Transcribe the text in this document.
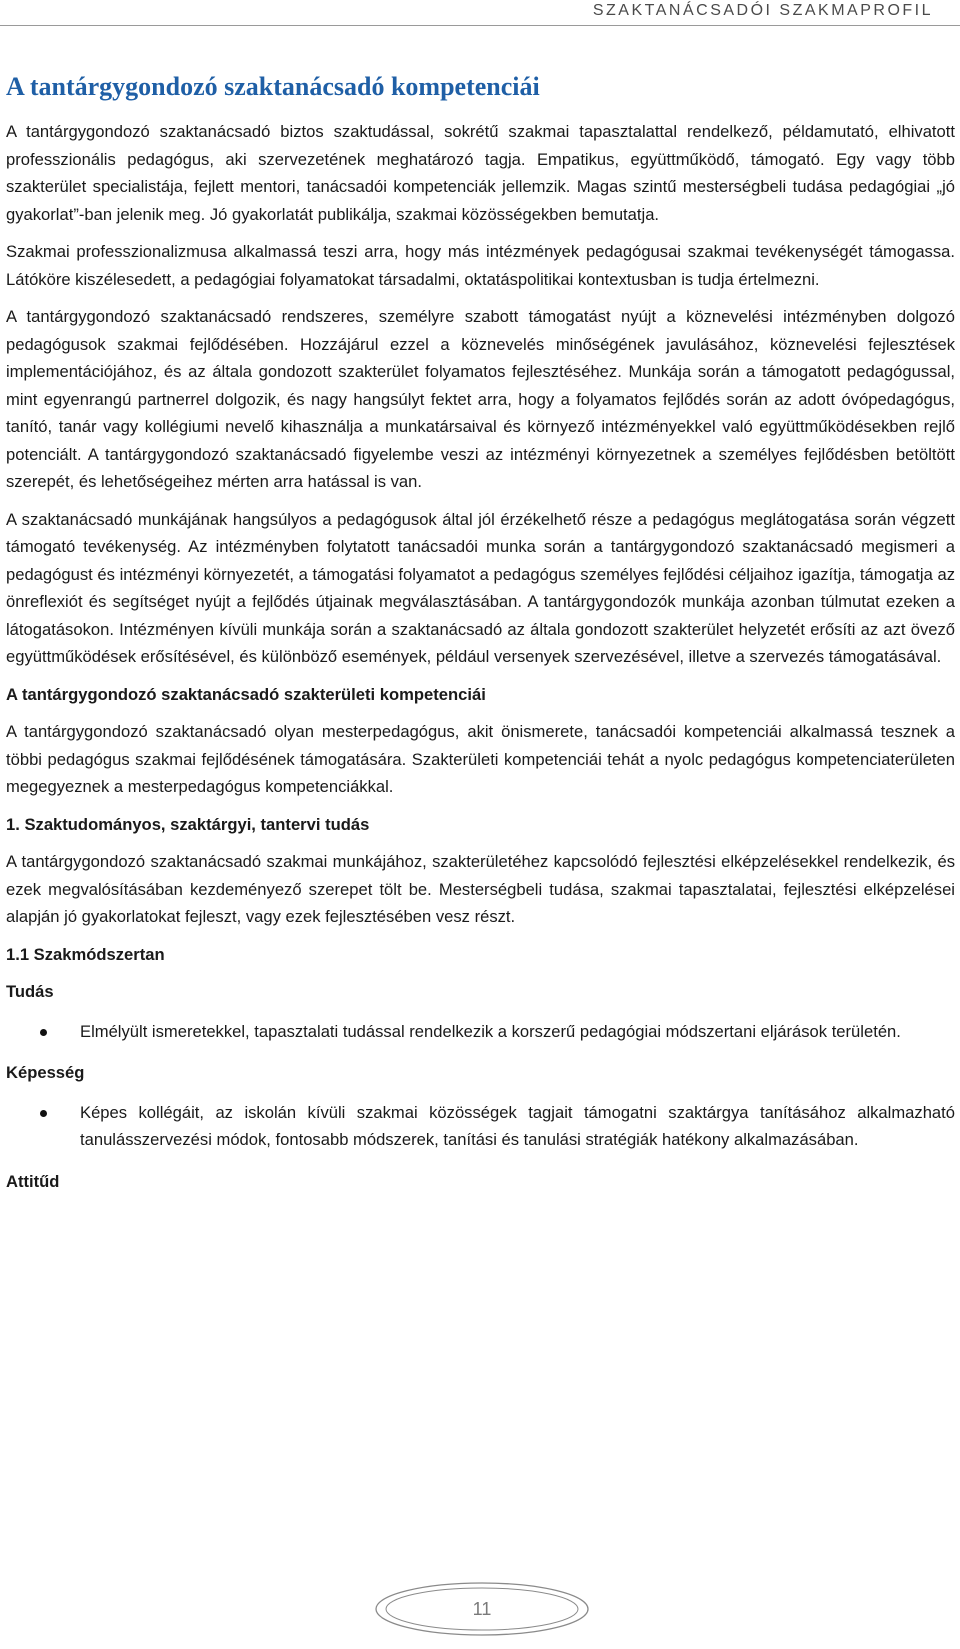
SZAKTANÁCSADÓI SZAKMAPROFIL
A tantárgygondozó szaktanácsadó kompetenciái

A tantárgygondozó szaktanácsadó biztos szaktudással, sokrétű szakmai tapasztalattal rendelkező, példamutató, elhivatott professzionális pedagógus, aki szervezetének meghatározó tagja. Empatikus, együttműködő, támogató. Egy vagy több szakterület specialistája, fejlett mentori, tanácsadói kompetenciák jellemzik. Magas szintű mesterségbeli tudása pedagógiai „jó gyakorlat”-ban jelenik meg. Jó gyakorlatát publikálja, szakmai közösségekben bemutatja.

Szakmai professzionalizmusa alkalmassá teszi arra, hogy más intézmények pedagógusai szakmai tevékenységét támogassa. Látóköre kiszélesedett, a pedagógiai folyamatokat társadalmi, oktatáspolitikai kontextusban is tudja értelmezni.

A tantárgygondozó szaktanácsadó rendszeres, személyre szabott támogatást nyújt a köznevelési intézményben dolgozó pedagógusok szakmai fejlődésében. Hozzájárul ezzel a köznevelés minőségének javulásához, köznevelési fejlesztések implementációjához, és az általa gondozott szakterület folyamatos fejlesztéséhez. Munkája során a támogatott pedagógussal, mint egyenrangú partnerrel dolgozik, és nagy hangsúlyt fektet arra, hogy a folyamatos fejlődés során az adott óvópedagógus, tanító, tanár vagy kollégiumi nevelő kihasználja a munkatársaival és környező intézményekkel való együttműködésekben rejlő potenciált. A tantárgygondozó szaktanácsadó figyelembe veszi az intézményi környezetnek a személyes fejlődésben betöltött szerepét, és lehetőségeihez mérten arra hatással is van.

A szaktanácsadó munkájának hangsúlyos a pedagógusok által jól érzékelhető része a pedagógus meglátogatása során végzett támogató tevékenység. Az intézményben folytatott tanácsadói munka során a tantárgygondozó szaktanácsadó megismeri a pedagógust és intézményi környezetét, a támogatási folyamatot a pedagógus személyes fejlődési céljaihoz igazítja, támogatja az önreflexiót és segítséget nyújt a fejlődés útjainak megválasztásában. A tantárgygondozók munkája azonban túlmutat ezeken a látogatásokon. Intézményen kívüli munkája során a szaktanácsadó az általa gondozott szakterület helyzetét erősíti az azt övező együttműködések erősítésével, és különböző események, például versenyek szervezésével, illetve a szervezés támogatásával.

A tantárgygondozó szaktanácsadó szakterületi kompetenciái

A tantárgygondozó szaktanácsadó olyan mesterpedagógus, akit önismerete, tanácsadói kompetenciái alkalmassá tesznek a többi pedagógus szakmai fejlődésének támogatására. Szakterületi kompetenciái tehát a nyolc pedagógus kompetenciaterületen megegyeznek a mesterpedagógus kompetenciákkal.

1. Szaktudományos, szaktárgyi, tantervi tudás

A tantárgygondozó szaktanácsadó szakmai munkájához, szakterületéhez kapcsolódó fejlesztési elképzelésekkel rendelkezik, és ezek megvalósításában kezdeményező szerepet tölt be. Mesterségbeli tudása, szakmai tapasztalatai, fejlesztési elképzelései alapján jó gyakorlatokat fejleszt, vagy ezek fejlesztésében vesz részt.

1.1 Szakmódszertan
Tudás
Elmélyült ismeretekkel, tapasztalati tudással rendelkezik a korszerű pedagógiai módszertani eljárások területén.
Képesség
Képes kollégáit, az iskolán kívüli szakmai közösségek tagjait támogatni szaktárgya tanításához alkalmazható tanulásszervezési módok, fontosabb módszerek, tanítási és tanulási stratégiák hatékony alkalmazásában.
Attitűd
11
